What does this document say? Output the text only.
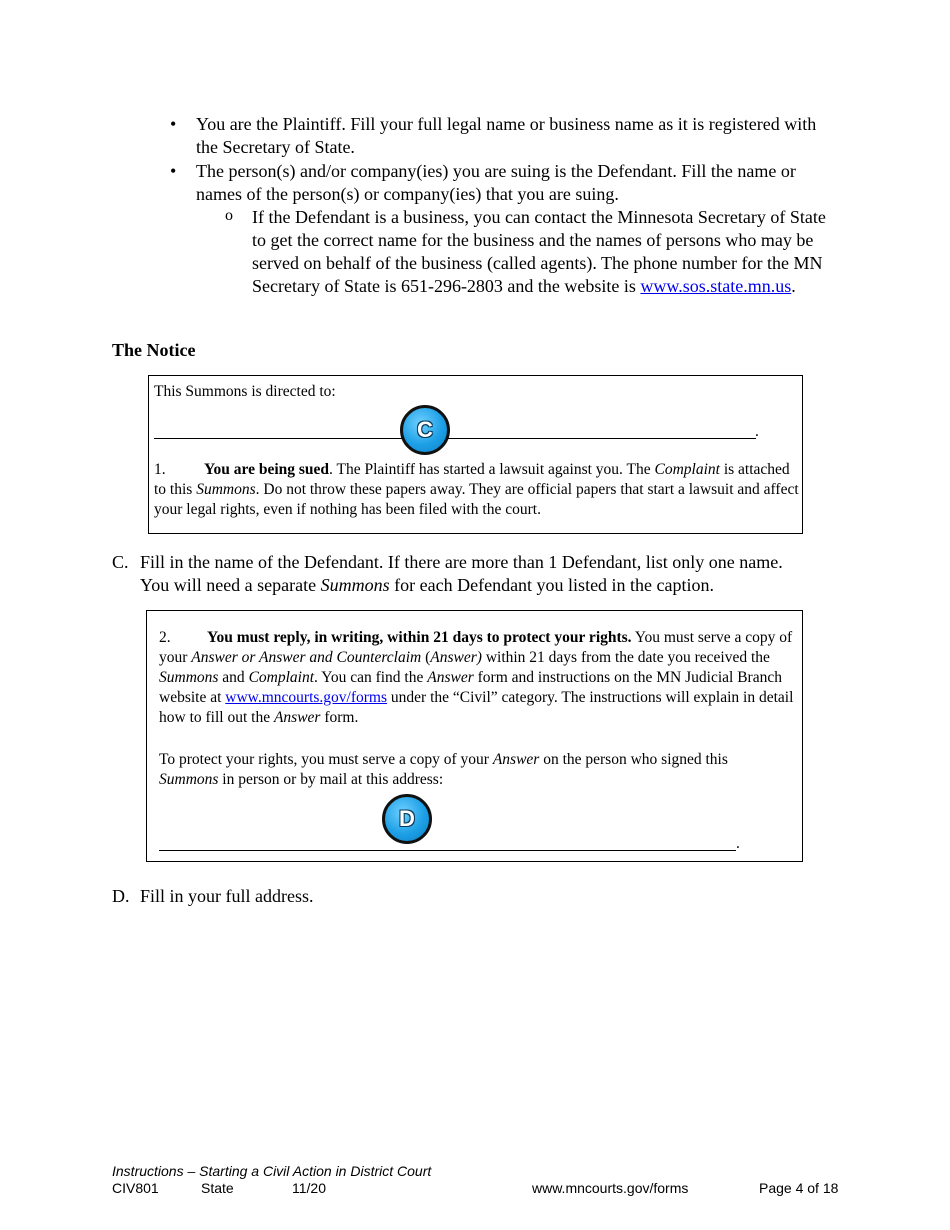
• You are the Plaintiff. Fill your full legal name or business name as it is registered with the Secretary of State.
• The person(s) and/or company(ies) you are suing is the Defendant. Fill the name or names of the person(s) or company(ies) that you are suing.
o If the Defendant is a business, you can contact the Minnesota Secretary of State to get the correct name for the business and the names of persons who may be served on behalf of the business (called agents). The phone number for the MN Secretary of State is 651-296-2803 and the website is www.sos.state.mn.us.
The Notice
This Summons is directed to:
.
C
1. You are being sued. The Plaintiff has started a lawsuit against you. The Complaint is attached to this Summons. Do not throw these papers away. They are official papers that start a lawsuit and affect your legal rights, even if nothing has been filed with the court.
C. Fill in the name of the Defendant. If there are more than 1 Defendant, list only one name. You will need a separate Summons for each Defendant you listed in the caption.
2. You must reply, in writing, within 21 days to protect your rights. You must serve a copy of your Answer or Answer and Counterclaim (Answer) within 21 days from the date you received the Summons and Complaint. You can find the Answer form and instructions on the MN Judicial Branch website at www.mncourts.gov/forms under the “Civil” category. The instructions will explain in detail how to fill out the Answer form.
To protect your rights, you must serve a copy of your Answer on the person who signed this Summons in person or by mail at this address:
D
.
D. Fill in your full address.
Instructions – Starting a Civil Action in District Court
CIV801	State	11/20	www.mncourts.gov/forms	Page 4 of 18
